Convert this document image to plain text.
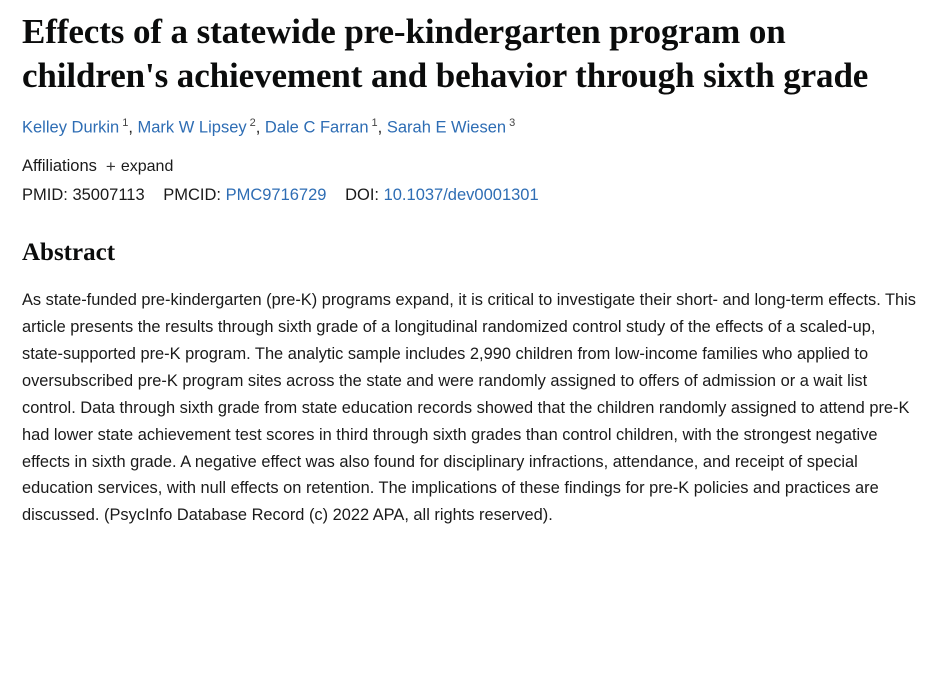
Effects of a statewide pre-kindergarten program on children's achievement and behavior through sixth grade
Kelley Durkin $^1$, Mark W Lipsey $^2$, Dale C Farran $^1$, Sarah E Wiesen $^3$
Affiliations + expand
PMID: 35007113 PMCID: PMC9716729 DOI: 10.1037/dev0001301
Abstract
As state-funded pre-kindergarten (pre-K) programs expand, it is critical to investigate their short- and long-term effects. This article presents the results through sixth grade of a longitudinal randomized control study of the effects of a scaled-up, state-supported pre-K program. The analytic sample includes 2,990 children from low-income families who applied to oversubscribed pre-K program sites across the state and were randomly assigned to offers of admission or a wait list control. Data through sixth grade from state education records showed that the children randomly assigned to attend pre-K had lower state achievement test scores in third through sixth grades than control children, with the strongest negative effects in sixth grade. A negative effect was also found for disciplinary infractions, attendance, and receipt of special education services, with null effects on retention. The implications of these findings for pre-K policies and practices are discussed. (PsycInfo Database Record (c) 2022 APA, all rights reserved).
